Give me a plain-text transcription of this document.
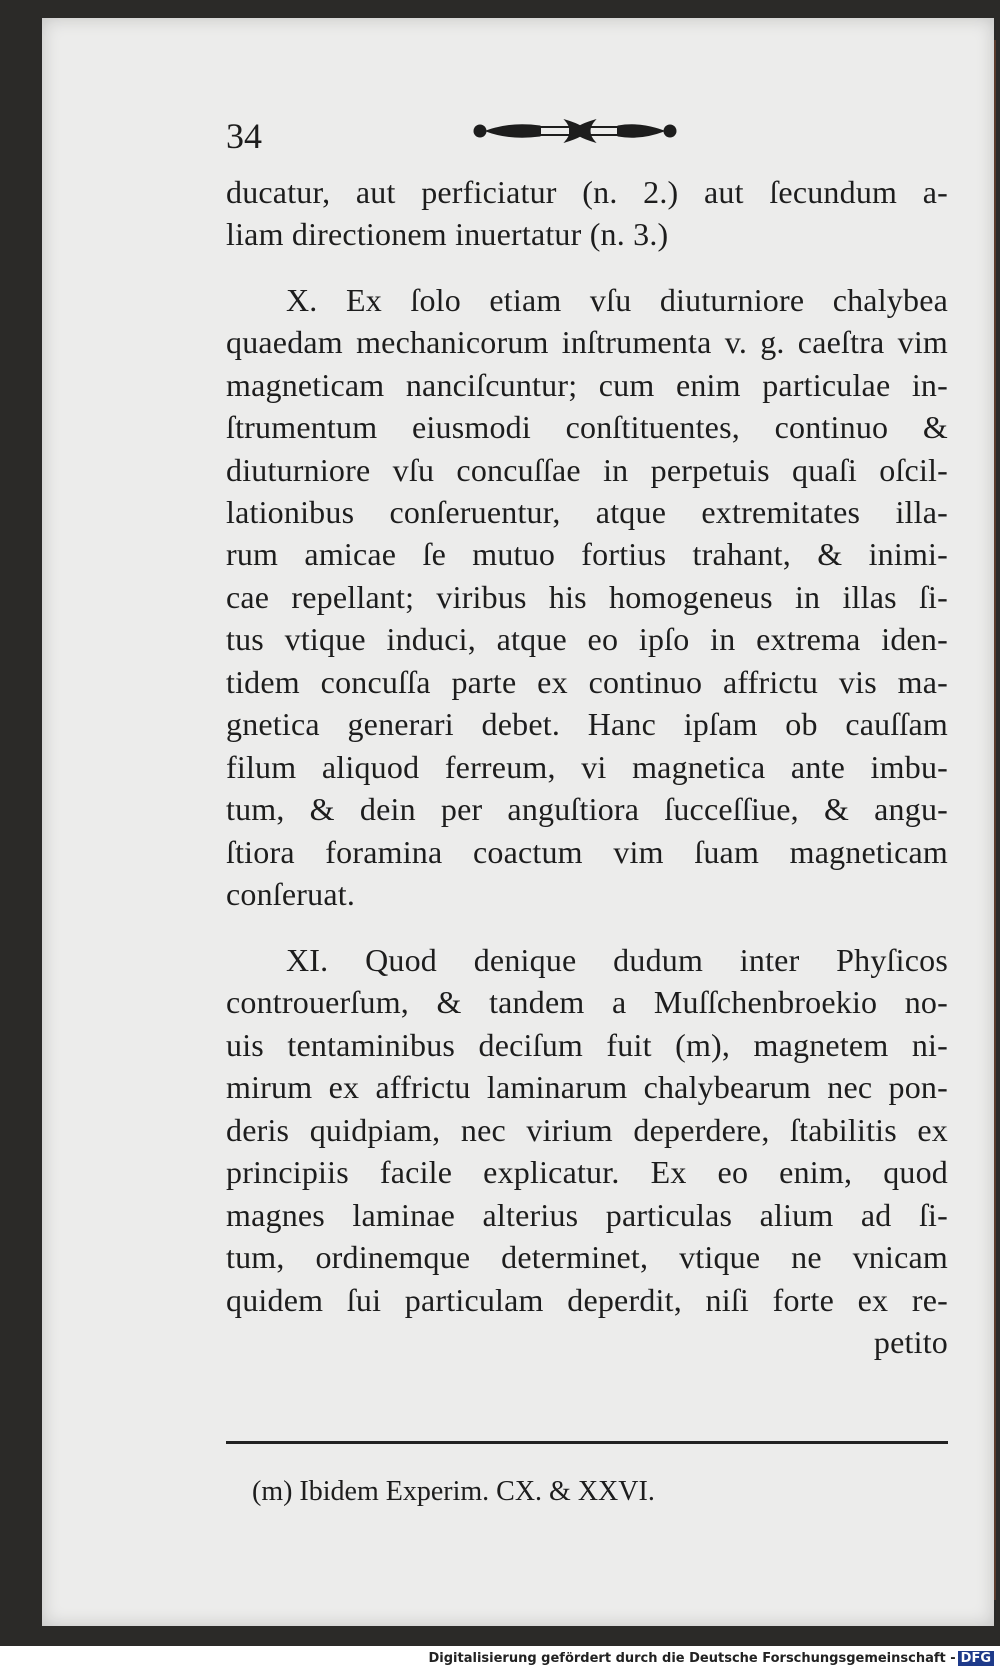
34
ducatur, aut perficiatur (n. 2.) aut ſecundum a-
liam directionem inuertatur (n. 3.)
X. Ex ſolo etiam vſu diuturniore chalybea
quaedam mechanicorum inſtrumenta v. g. caeſtra vim
magneticam nanciſcuntur; cum enim particulae in-
ſtrumentum eiusmodi conſtituentes, continuo &
diuturniore vſu concuſſae in perpetuis quaſi oſcil-
lationibus conſeruentur, atque extremitates illa-
rum amicae ſe mutuo fortius trahant, & inimi-
cae repellant; viribus his homogeneus in illas ſi-
tus vtique induci, atque eo ipſo in extrema iden-
tidem concuſſa parte ex continuo affrictu vis ma-
gnetica generari debet. Hanc ipſam ob cauſſam
filum aliquod ferreum, vi magnetica ante imbu-
tum, & dein per anguſtiora ſucceſſiue, & angu-
ſtiora foramina coactum vim ſuam magneticam
conſeruat.
XI. Quod denique dudum inter Phyſicos
controuerſum, & tandem a Muſſchenbroekio no-
uis tentaminibus deciſum fuit (m), magnetem ni-
mirum ex affrictu laminarum chalybearum nec pon-
deris quidpiam, nec virium deperdere, ſtabilitis ex
principiis facile explicatur. Ex eo enim, quod
magnes laminae alterius particulas alium ad ſi-
tum, ordinemque determinet, vtique ne vnicam
quidem ſui particulam deperdit, niſi forte ex re-
petito
(m) Ibidem Experim. CX. & XXVI.
Digitalisierung gefördert durch die Deutsche Forschungsgemeinschaft - DFG
